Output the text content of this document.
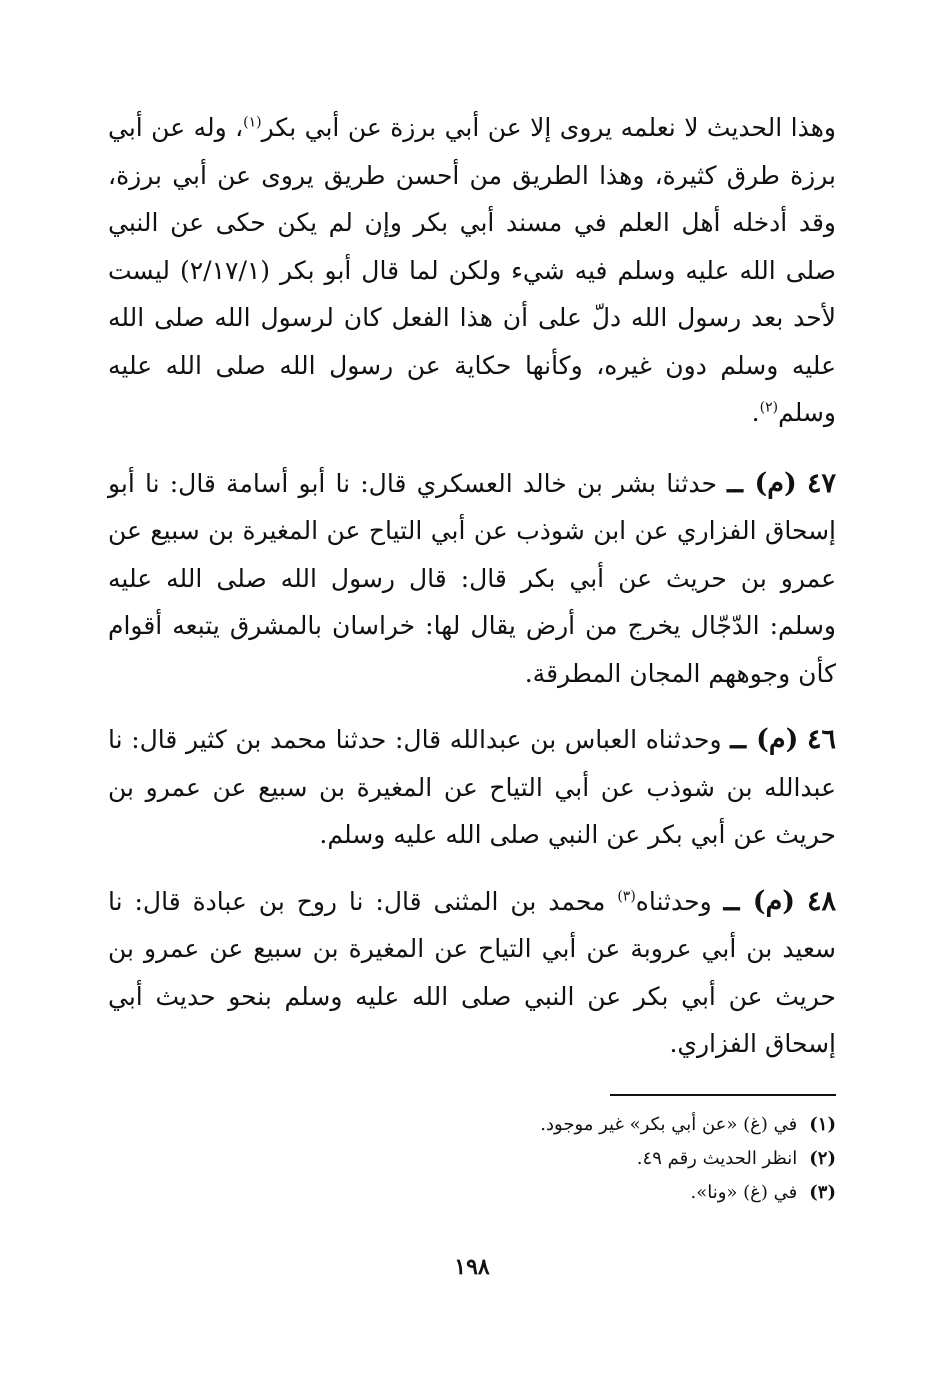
وهذا الحديث لا نعلمه يروى إلا عن أبي برزة عن أبي بكر$^{(١)}$، وله عن أبي برزة طرق كثيرة، وهذا الطريق من أحسن طريق يروى عن أبي برزة، وقد أدخله أهل العلم في مسند أبي بكر وإن لم يكن حكى عن النبي صلى الله عليه وسلم فيه شيء ولكن لما قال أبو بكر (٢/١٧/١) ليست لأحد بعد رسول الله دلّ على أن هذا الفعل كان لرسول الله صلى الله عليه وسلم دون غيره، وكأنها حكاية عن رسول الله صلى الله عليه وسلم$^{(٢)}$.

٤٧ (م) ــ حدثنا بشر بن خالد العسكري قال: نا أبو أسامة قال: نا أبو إسحاق الفزاري عن ابن شوذب عن أبي التياح عن المغيرة بن سبيع عن عمرو بن حريث عن أبي بكر قال: قال رسول الله صلى الله عليه وسلم: الدّجّال يخرج من أرض يقال لها: خراسان بالمشرق يتبعه أقوام كأن وجوههم المجان المطرقة.

٤٦ (م) ــ وحدثناه العباس بن عبدالله قال: حدثنا محمد بن كثير قال: نا عبدالله بن شوذب عن أبي التياح عن المغيرة بن سبيع عن عمرو بن حريث عن أبي بكر عن النبي صلى الله عليه وسلم.

٤٨ (م) ــ وحدثناه$^{(٣)}$ محمد بن المثنى قال: نا روح بن عبادة قال: نا سعيد بن أبي عروبة عن أبي التياح عن المغيرة بن سبيع عن عمرو بن حريث عن أبي بكر عن النبي صلى الله عليه وسلم بنحو حديث أبي إسحاق الفزاري.

(١)في (غ) «عن أبي بكر» غير موجود.
(٢)انظر الحديث رقم ٤٩.
(٣)في (غ) «ونا».
١٩٨
